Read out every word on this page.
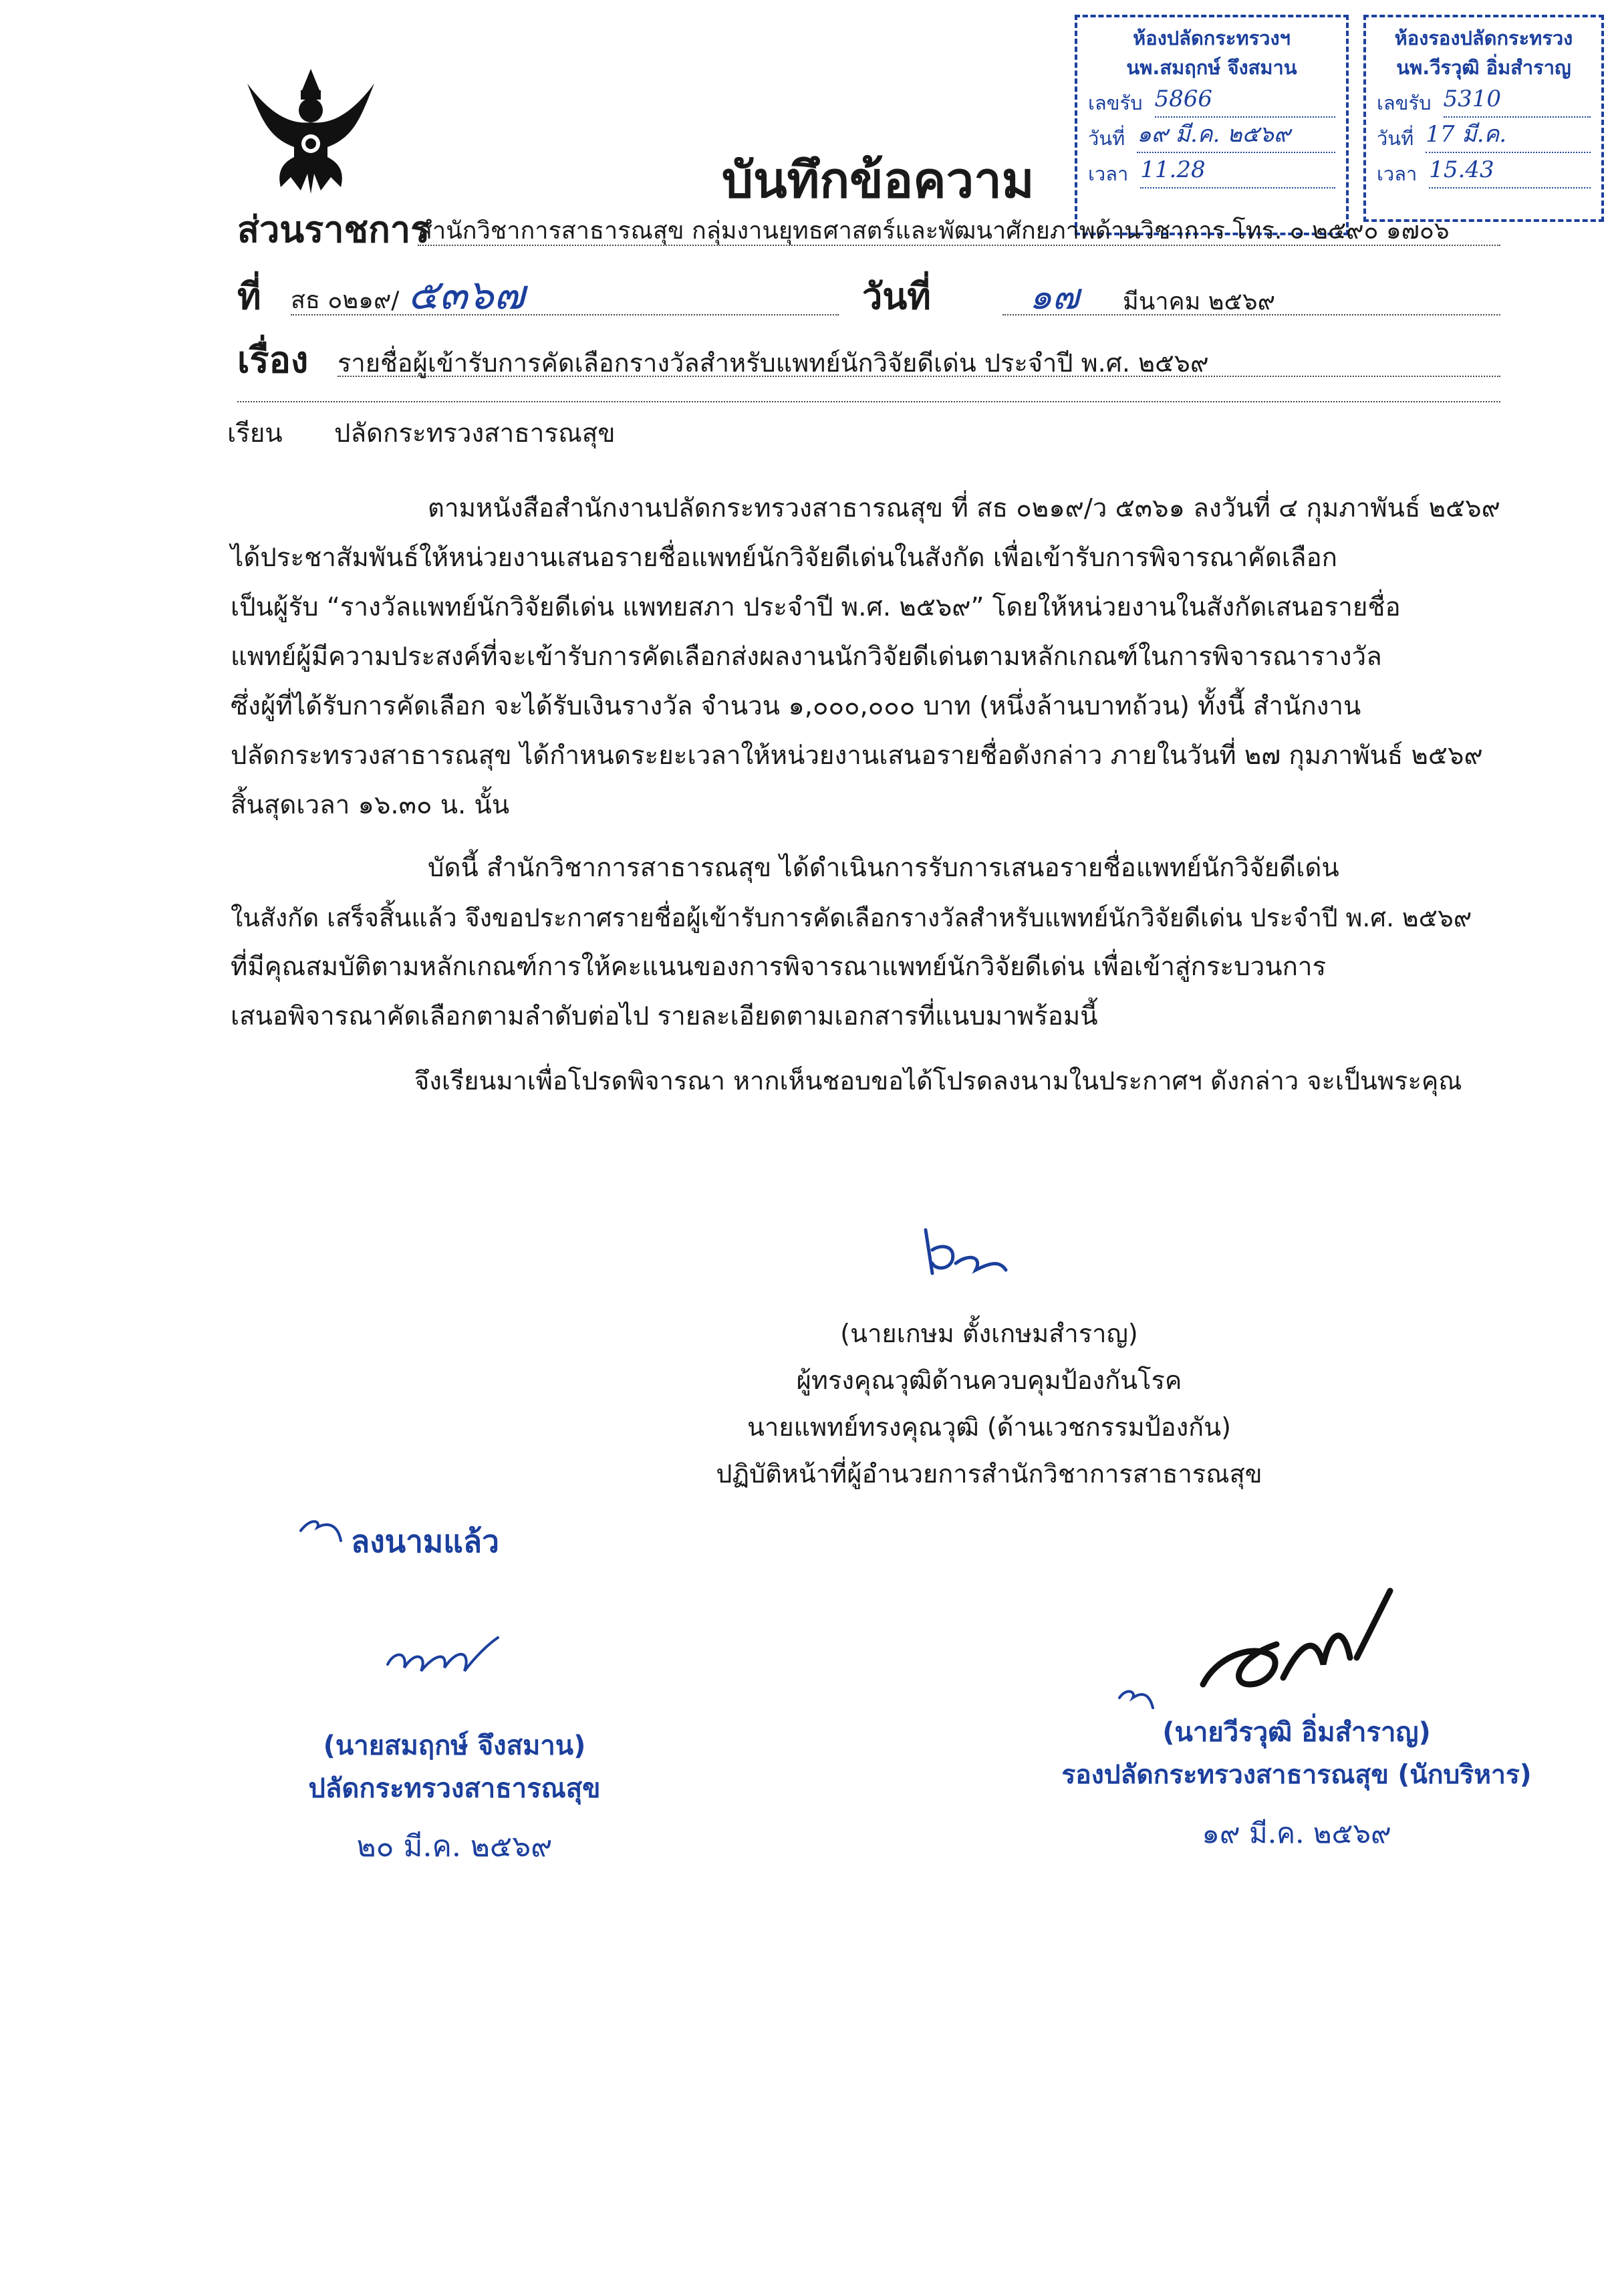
ห้องปลัดกระทรวงฯ
นพ.สมฤกษ์ จึงสมาน
เลขรับ 5866
วันที่ ๑๙ มี.ค. ๒๕๖๙
เวลา 11.28
ห้องรองปลัดกระทรวง
นพ.วีรวุฒิ อิ่มสำราญ
เลขรับ 5310
วันที่ 17 มี.ค.
เวลา 15.43
บันทึกข้อความ
ส่วนราชการ
สำนักวิชาการสาธารณสุข กลุ่มงานยุทธศาสตร์และพัฒนาศักยภาพด้านวิชาการ โทร. ๐ ๒๕๙๐ ๑๗๐๖
ที่ สธ ๐๒๑๙/ ๕๓๖๗	วันที่	๑๗ มีนาคม ๒๕๖๙
เรื่อง รายชื่อผู้เข้ารับการคัดเลือกรางวัลสำหรับแพทย์นักวิจัยดีเด่น ประจำปี พ.ศ. ๒๕๖๙
เรียน ปลัดกระทรวงสาธารณสุข
ตามหนังสือสำนักงานปลัดกระทรวงสาธารณสุข ที่ สธ ๐๒๑๙/ว ๕๓๖๑ ลงวันที่ ๔ กุมภาพันธ์ ๒๕๖๙
ได้ประชาสัมพันธ์ให้หน่วยงานเสนอรายชื่อแพทย์นักวิจัยดีเด่นในสังกัด เพื่อเข้ารับการพิจารณาคัดเลือก
เป็นผู้รับ “รางวัลแพทย์นักวิจัยดีเด่น แพทยสภา ประจำปี พ.ศ. ๒๕๖๙” โดยให้หน่วยงานในสังกัดเสนอรายชื่อ
แพทย์ผู้มีความประสงค์ที่จะเข้ารับการคัดเลือกส่งผลงานนักวิจัยดีเด่นตามหลักเกณฑ์ในการพิจารณารางวัล
ซึ่งผู้ที่ได้รับการคัดเลือก จะได้รับเงินรางวัล จำนวน ๑,๐๐๐,๐๐๐ บาท (หนึ่งล้านบาทถ้วน) ทั้งนี้ สำนักงาน
ปลัดกระทรวงสาธารณสุข ได้กำหนดระยะเวลาให้หน่วยงานเสนอรายชื่อดังกล่าว ภายในวันที่ ๒๗ กุมภาพันธ์ ๒๕๖๙
สิ้นสุดเวลา ๑๖.๓๐ น. นั้น
บัดนี้ สำนักวิชาการสาธารณสุข ได้ดำเนินการรับการเสนอรายชื่อแพทย์นักวิจัยดีเด่น
ในสังกัด เสร็จสิ้นแล้ว จึงขอประกาศรายชื่อผู้เข้ารับการคัดเลือกรางวัลสำหรับแพทย์นักวิจัยดีเด่น ประจำปี พ.ศ. ๒๕๖๙
ที่มีคุณสมบัติตามหลักเกณฑ์การให้คะแนนของการพิจารณาแพทย์นักวิจัยดีเด่น เพื่อเข้าสู่กระบวนการ
เสนอพิจารณาคัดเลือกตามลำดับต่อไป รายละเอียดตามเอกสารที่แนบมาพร้อมนี้
จึงเรียนมาเพื่อโปรดพิจารณา หากเห็นชอบขอได้โปรดลงนามในประกาศฯ ดังกล่าว จะเป็นพระคุณ
(นายเกษม ตั้งเกษมสำราญ)
ผู้ทรงคุณวุฒิด้านควบคุมป้องกันโรค
นายแพทย์ทรงคุณวุฒิ (ด้านเวชกรรมป้องกัน)
ปฏิบัติหน้าที่ผู้อำนวยการสำนักวิชาการสาธารณสุข
ลงนามแล้ว
(นายสมฤกษ์ จึงสมาน)
ปลัดกระทรวงสาธารณสุข
๒๐ มี.ค. ๒๕๖๙
(นายวีรวุฒิ อิ่มสำราญ)
รองปลัดกระทรวงสาธารณสุข (นักบริหาร)
๑๙ มี.ค. ๒๕๖๙
